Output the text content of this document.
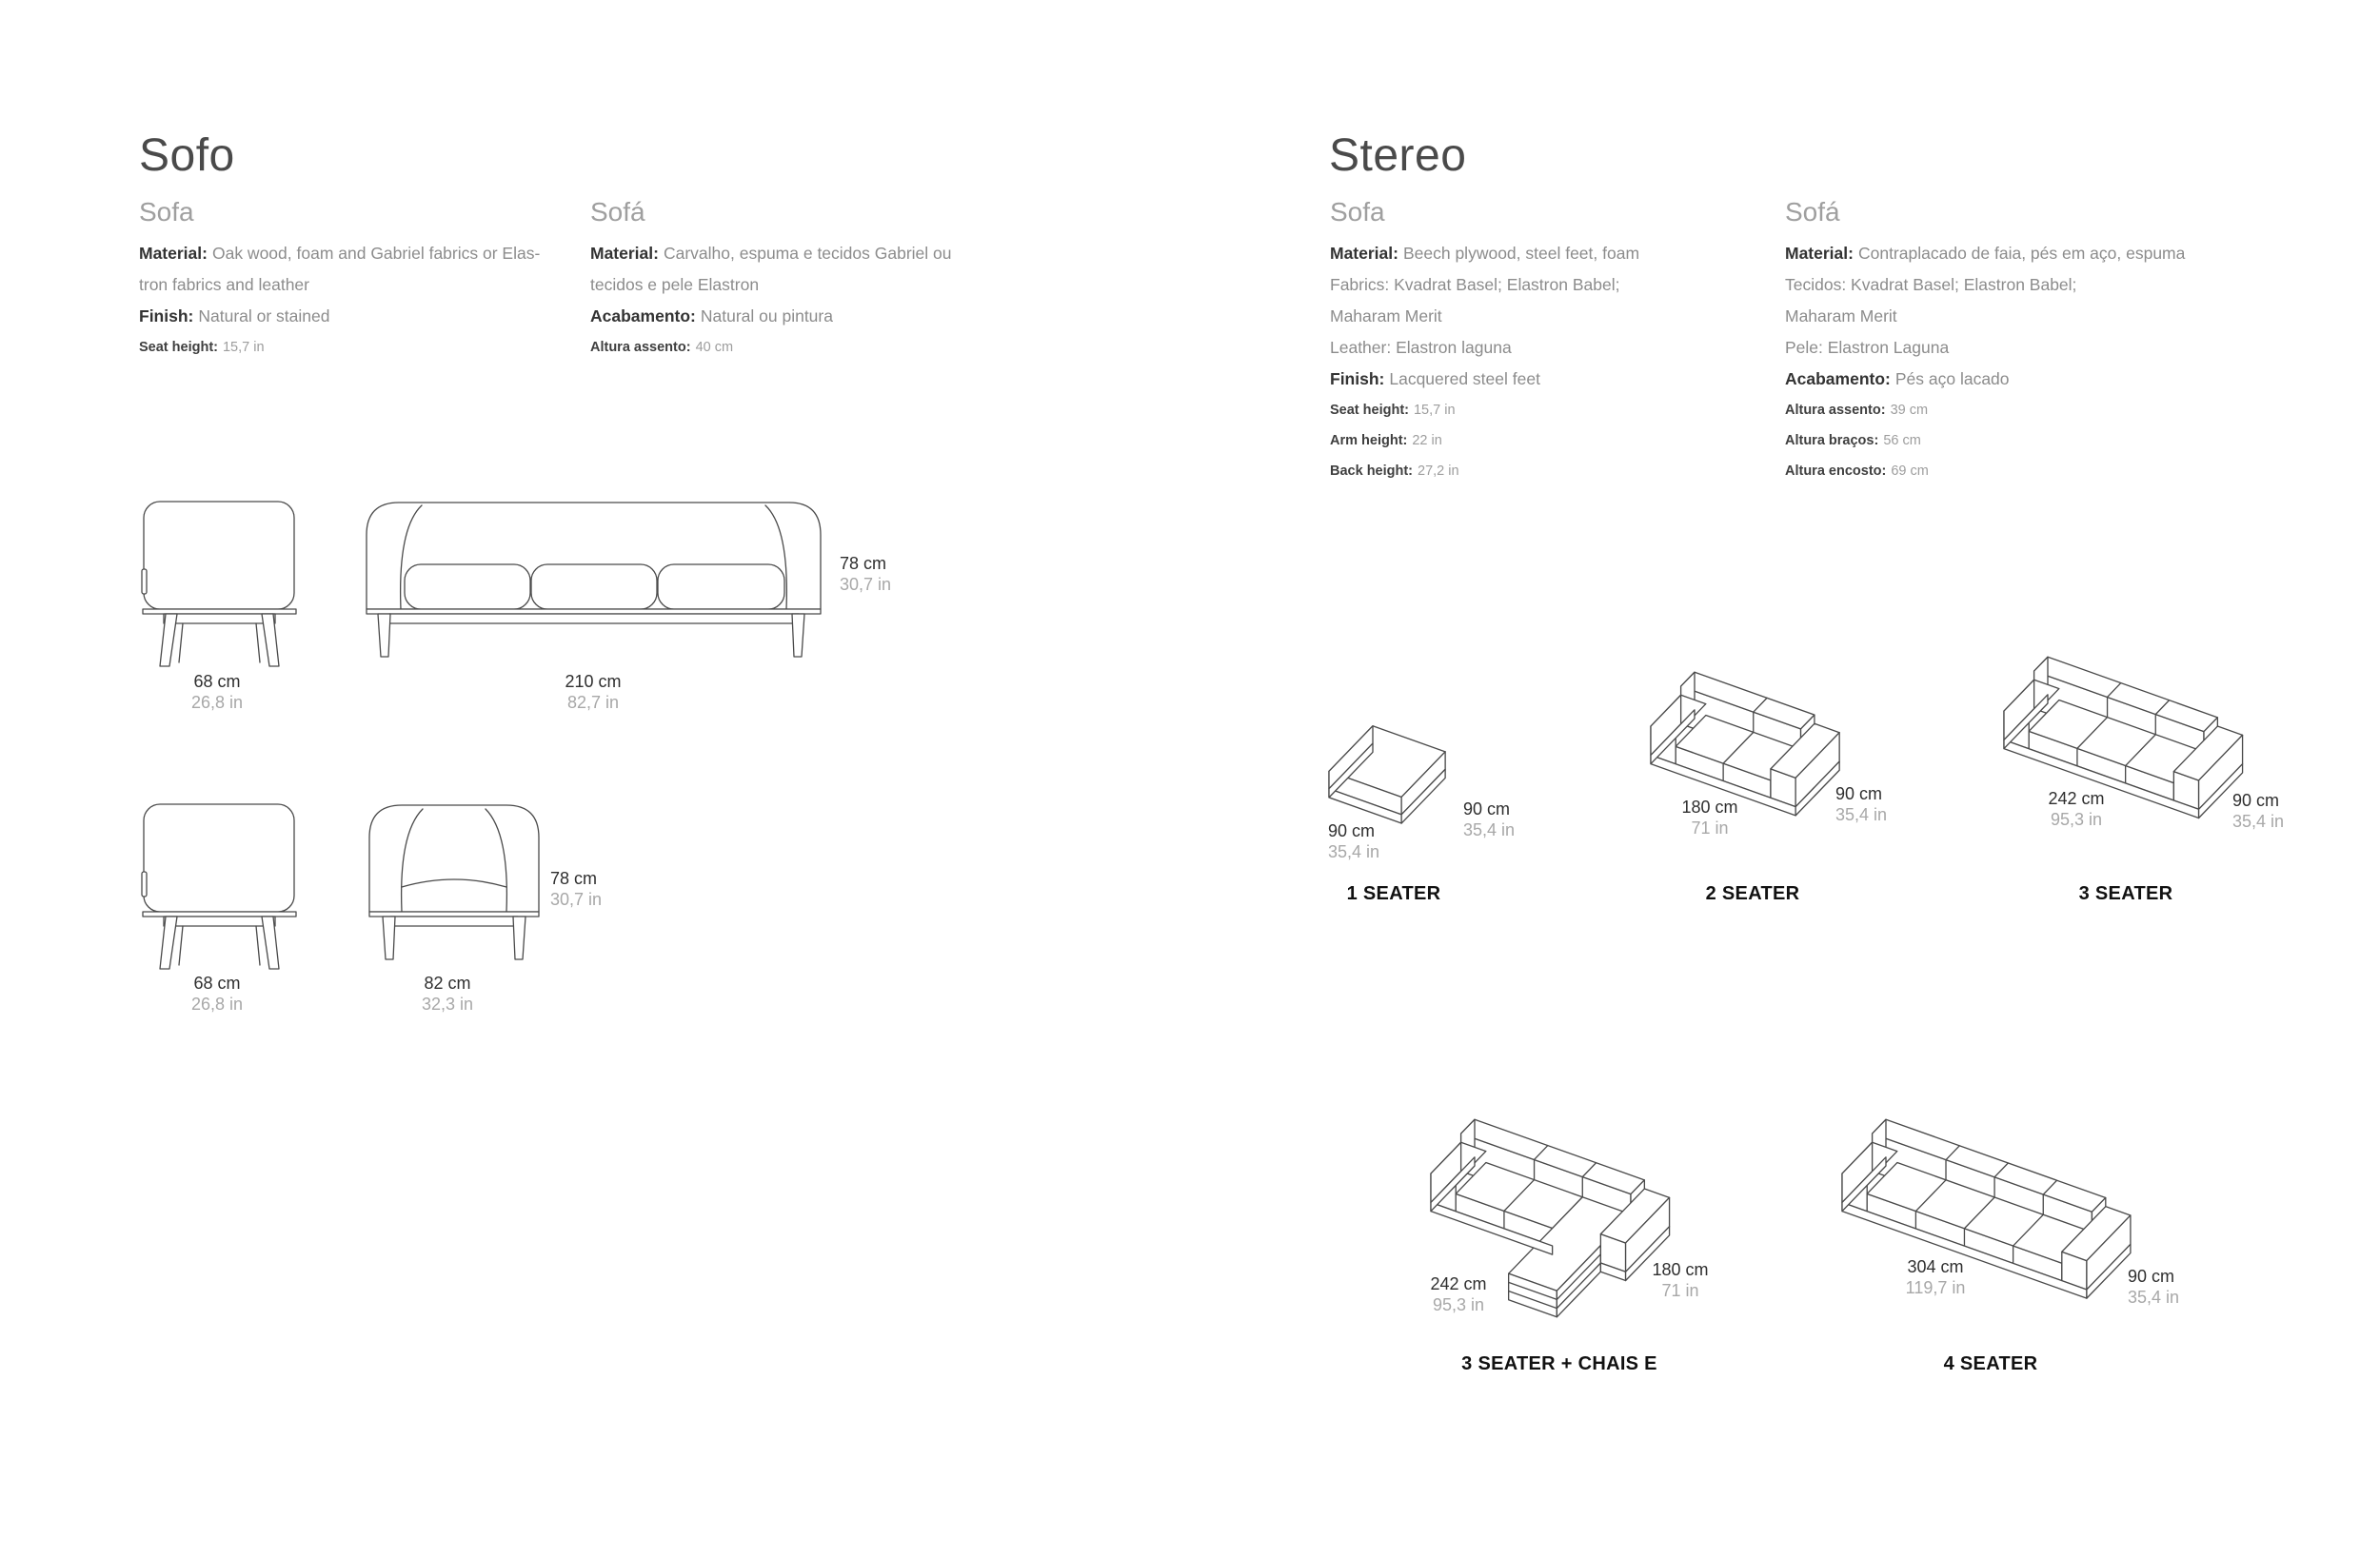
Sofo
Sofa
Material: Oak wood, foam and Gabriel fabrics or Elas-
tron fabrics and leather
Finish: Natural or stained
Seat height: 15,7 in
Sofá
Material: Carvalho, espuma e tecidos Gabriel ou
tecidos e pele Elastron
Acabamento: Natural ou pintura
Altura assento: 40 cm
78 cm
30,7 in
68 cm
26,8 in
210 cm
82,7 in
78 cm
30,7 in
68 cm
26,8 in
82 cm
32,3 in
Stereo
Sofa
Material: Beech plywood, steel feet, foam
Fabrics: Kvadrat Basel; Elastron Babel;
Maharam Merit
Leather: Elastron laguna
Finish: Lacquered steel feet
Seat height: 15,7 in
Arm height: 22 in
Back height: 27,2 in
Sofá
Material: Contraplacado de faia, pés em aço, espuma
Tecidos: Kvadrat Basel; Elastron Babel;
Maharam Merit
Pele: Elastron Laguna
Acabamento: Pés aço lacado
Altura assento: 39 cm
Altura braços: 56 cm
Altura encosto: 69 cm
90 cm
35,4 in
90 cm
35,4 in
1 SEATER
180 cm
71 in
90 cm
35,4 in
2 SEATER
242 cm
95,3 in
90 cm
35,4 in
3 SEATER
242 cm
95,3 in
180 cm
71 in
3 SEATER + CHAIS E
304 cm
119,7 in
90 cm
35,4 in
4 SEATER
